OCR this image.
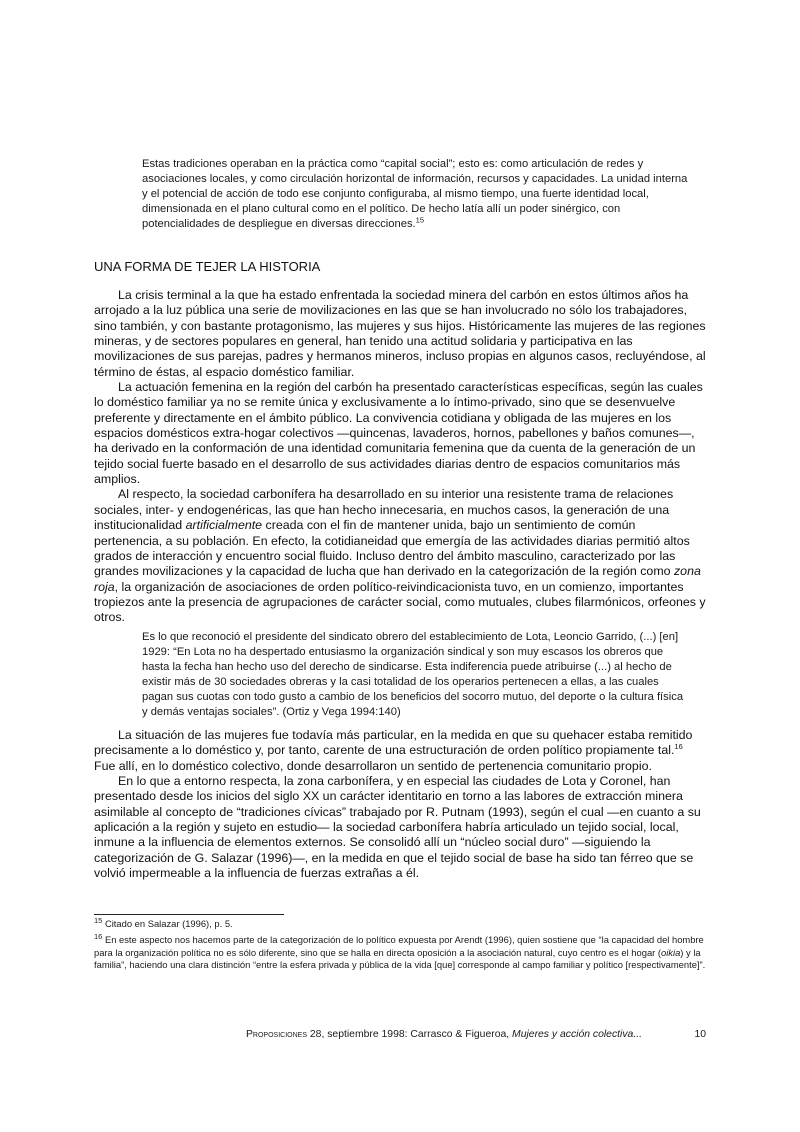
Estas tradiciones operaban en la práctica como “capital social”; esto es: como articulación de redes y asociaciones locales, y como circulación horizontal de información, recursos y capacidades. La unidad interna y el potencial de acción de todo ese conjunto configuraba, al mismo tiempo, una fuerte identidad local, dimensionada en el plano cultural como en el político. De hecho latía allí un poder sinérgico, con potencialidades de despliegue en diversas direcciones.$^{15}$

UNA FORMA DE TEJER LA HISTORIA

La crisis terminal a la que ha estado enfrentada la sociedad minera del carbón en estos últimos años ha arrojado a la luz pública una serie de movilizaciones en las que se han involucrado no sólo los trabajadores, sino también, y con bastante protagonismo, las mujeres y sus hijos. Históricamente las mujeres de las regiones mineras, y de sectores populares en general, han tenido una actitud solidaria y participativa en las movilizaciones de sus parejas, padres y hermanos mineros, incluso propias en algunos casos, recluyéndose, al término de éstas, al espacio doméstico familiar.

La actuación femenina en la región del carbón ha presentado características específicas, según las cuales lo doméstico familiar ya no se remite única y exclusivamente a lo íntimo-privado, sino que se desenvuelve preferente y directamente en el ámbito público. La convivencia cotidiana y obligada de las mujeres en los espacios domésticos extra-hogar colectivos —quincenas, lavaderos, hornos, pabellones y baños comunes—, ha derivado en la conformación de una identidad comunitaria femenina que da cuenta de la generación de un tejido social fuerte basado en el desarrollo de sus actividades diarias dentro de espacios comunitarios más amplios.

Al respecto, la sociedad carbonífera ha desarrollado en su interior una resistente trama de relaciones sociales, inter- y endogenéricas, las que han hecho innecesaria, en muchos casos, la generación de una institucionalidad artificialmente creada con el fin de mantener unida, bajo un sentimiento de común pertenencia, a su población. En efecto, la cotidianeidad que emergía de las actividades diarias permitió altos grados de interacción y encuentro social fluido. Incluso dentro del ámbito masculino, caracterizado por las grandes movilizaciones y la capacidad de lucha que han derivado en la categorización de la región como zona roja, la organización de asociaciones de orden político-reivindicacionista tuvo, en un comienzo, importantes tropiezos ante la presencia de agrupaciones de carácter social, como mutuales, clubes filarmónicos, orfeones y otros.

Es lo que reconoció el presidente del sindicato obrero del establecimiento de Lota, Leoncio Garrido, (...) [en] 1929: “En Lota no ha despertado entusiasmo la organización sindical y son muy escasos los obreros que hasta la fecha han hecho uso del derecho de sindicarse. Esta indiferencia puede atribuirse (...) al hecho de existir más de 30 sociedades obreras y la casi totalidad de los operarios pertenecen a ellas, a las cuales pagan sus cuotas con todo gusto a cambio de los beneficios del socorro mutuo, del deporte o la cultura física y demás ventajas sociales”. (Ortiz y Vega 1994:140)

La situación de las mujeres fue todavía más particular, en la medida en que su quehacer estaba remitido precisamente a lo doméstico y, por tanto, carente de una estructuración de orden político propiamente tal.$^{16}$ Fue allí, en lo doméstico colectivo, donde desarrollaron un sentido de pertenencia comunitario propio.

En lo que a entorno respecta, la zona carbonífera, y en especial las ciudades de Lota y Coronel, han presentado desde los inicios del siglo XX un carácter identitario en torno a las labores de extracción minera asimilable al concepto de “tradiciones cívicas” trabajado por R. Putnam (1993), según el cual —en cuanto a su aplicación a la región y sujeto en estudio— la sociedad carbonífera habría articulado un tejido social, local, inmune a la influencia de elementos externos. Se consolidó allí un “núcleo social duro” —siguiendo la categorización de G. Salazar (1996)—, en la medida en que el tejido social de base ha sido tan férreo que se volvió impermeable a la influencia de fuerzas extrañas a él.

$^{15}$ Citado en Salazar (1996), p. 5.

$^{16}$ En este aspecto nos hacemos parte de la categorización de lo político expuesta por Arendt (1996), quien sostiene que “la capacidad del hombre para la organización política no es sólo diferente, sino que se halla en directa oposición a la asociación natural, cuyo centro es el hogar (oikia) y la familia”, haciendo una clara distinción “entre la esfera privada y pública de la vida [que] corresponde al campo familiar y político [respectivamente]”.

Proposiciones 28, septiembre 1998: Carrasco & Figueroa, Mujeres y acción colectiva...	10
